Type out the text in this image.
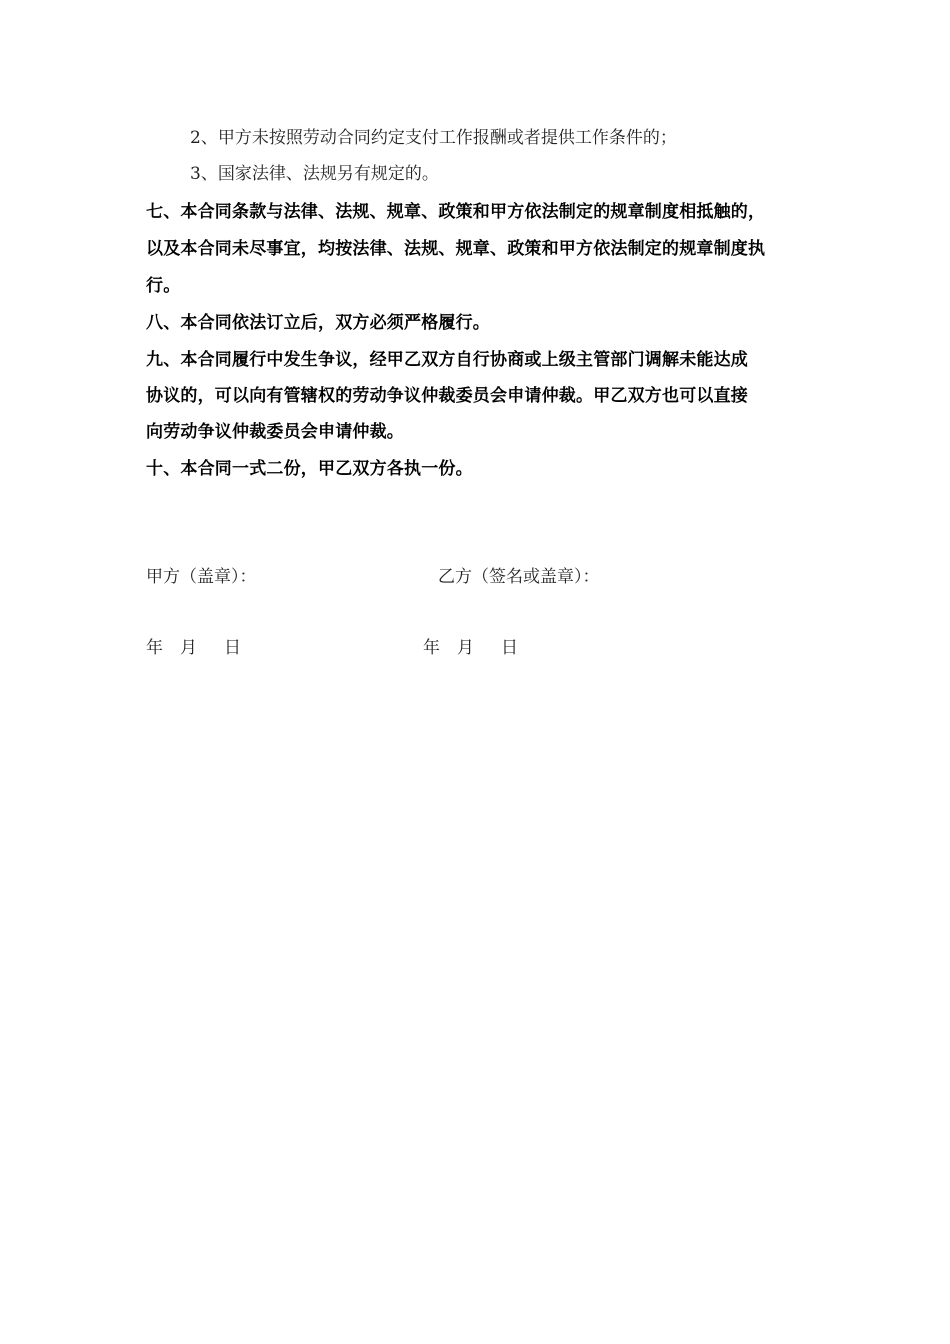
2、甲方未按照劳动合同约定支付工作报酬或者提供工作条件的；
3、国家法律、法规另有规定的。
七、本合同条款与法律、法规、规章、政策和甲方依法制定的规章制度相抵触的，
以及本合同未尽事宜，均按法律、法规、规章、政策和甲方依法制定的规章制度执
行。
八、本合同依法订立后，双方必须严格履行。
九、本合同履行中发生争议，经甲乙双方自行协商或上级主管部门调解未能达成
协议的，可以向有管辖权的劳动争议仲裁委员会申请仲裁。甲乙双方也可以直接
向劳动争议仲裁委员会申请仲裁。
十、本合同一式二份，甲乙双方各执一份。
甲方（盖章）：	乙方（签名或盖章）：
年 月 日	年 月 日
